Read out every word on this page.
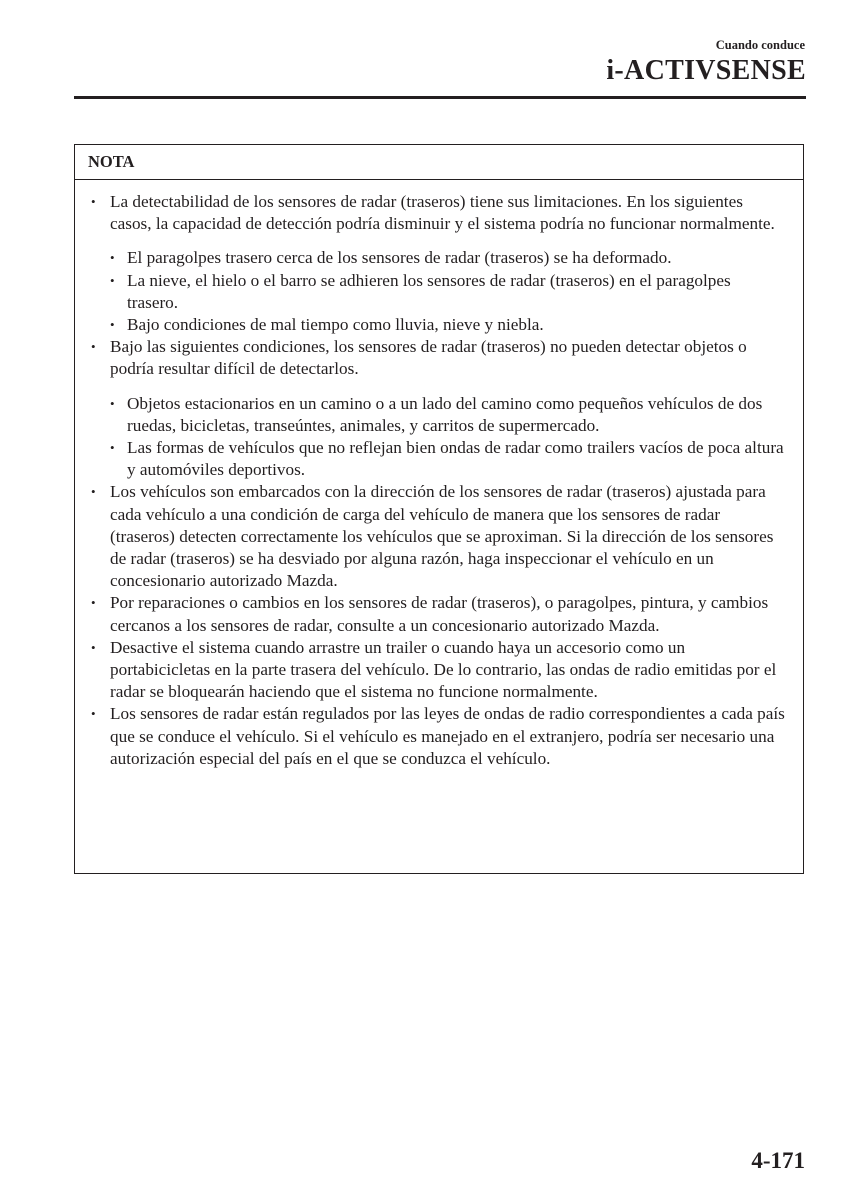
Cuando conduce
i-ACTIVSENSE
NOTA
• La detectabilidad de los sensores de radar (traseros) tiene sus limitaciones. En los siguientes casos, la capacidad de detección podría disminuir y el sistema podría no funcionar normalmente.
• El paragolpes trasero cerca de los sensores de radar (traseros) se ha deformado.
• La nieve, el hielo o el barro se adhieren los sensores de radar (traseros) en el paragolpes trasero.
• Bajo condiciones de mal tiempo como lluvia, nieve y niebla.
• Bajo las siguientes condiciones, los sensores de radar (traseros) no pueden detectar objetos o podría resultar difícil de detectarlos.
• Objetos estacionarios en un camino o a un lado del camino como pequeños vehículos de dos ruedas, bicicletas, transeúntes, animales, y carritos de supermercado.
• Las formas de vehículos que no reflejan bien ondas de radar como trailers vacíos de poca altura y automóviles deportivos.
• Los vehículos son embarcados con la dirección de los sensores de radar (traseros) ajustada para cada vehículo a una condición de carga del vehículo de manera que los sensores de radar (traseros) detecten correctamente los vehículos que se aproximan. Si la dirección de los sensores de radar (traseros) se ha desviado por alguna razón, haga inspeccionar el vehículo en un concesionario autorizado Mazda.
• Por reparaciones o cambios en los sensores de radar (traseros), o paragolpes, pintura, y cambios cercanos a los sensores de radar, consulte a un concesionario autorizado Mazda.
• Desactive el sistema cuando arrastre un trailer o cuando haya un accesorio como un portabicicletas en la parte trasera del vehículo. De lo contrario, las ondas de radio emitidas por el radar se bloquearán haciendo que el sistema no funcione normalmente.
• Los sensores de radar están regulados por las leyes de ondas de radio correspondientes a cada país que se conduce el vehículo. Si el vehículo es manejado en el extranjero, podría ser necesario una autorización especial del país en el que se conduzca el vehículo.
4-171
